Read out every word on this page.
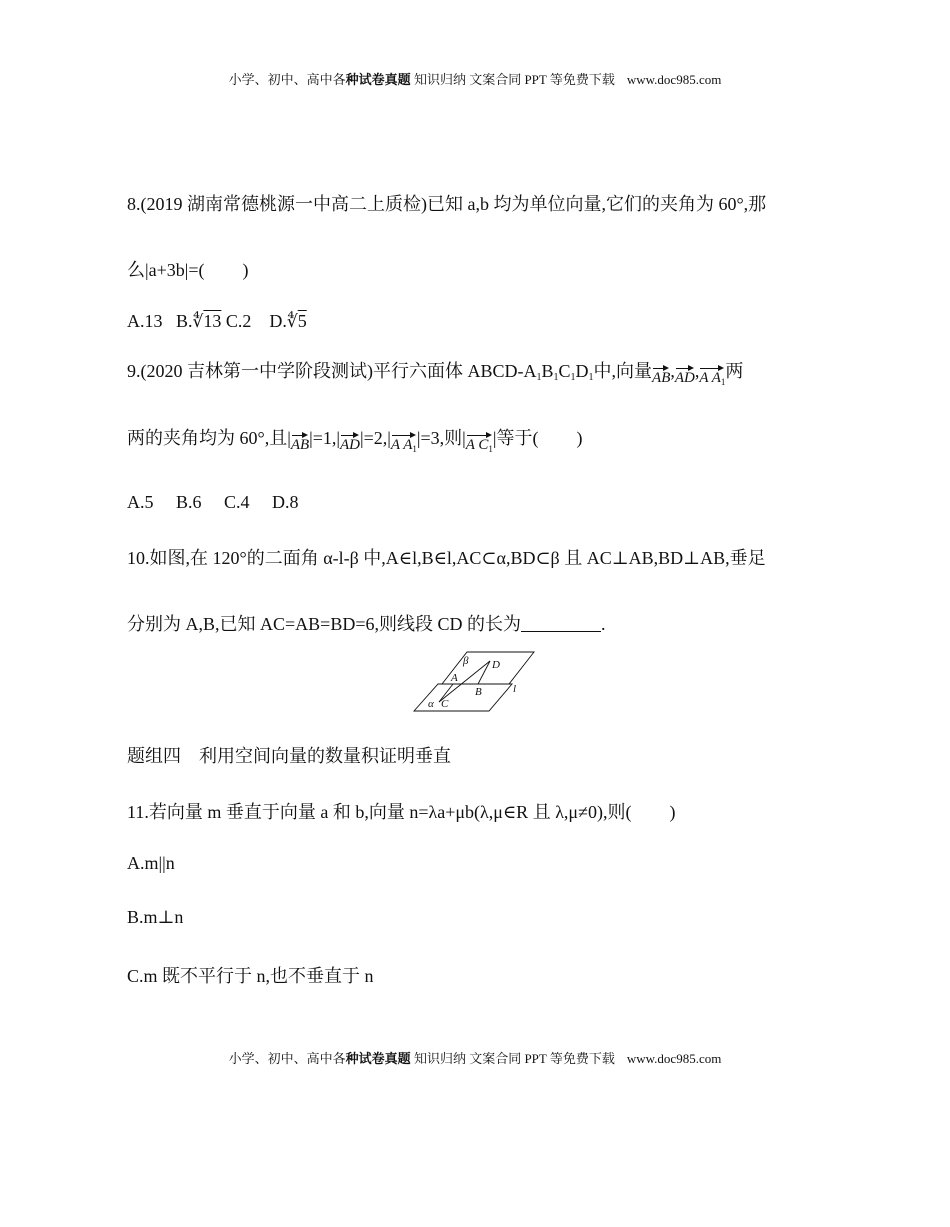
小学、初中、高中各种试卷真题 知识归纳 文案合同 PPT 等免费下载 www.doc985.com
8.(2019 湖南常德桃源一中高二上质检)已知 a,b 均为单位向量,它们的夹角为 60°,那
么|a+3b|=( )
A.13 B.∜13 C.2 D.∜5
9.(2020 吉林第一中学阶段测试)平行六面体 ABCD-$A_1B_1C_1D_1$中,向量AB,AD,A $A_1$两
两的夹角均为 60°,且|AB|=1,|AD|=2,|A $A_1|=3$,则|A $C_1|$等于( )
A.5　 B.6　 C.4　 D.8
10.如图,在 120°的二面角 α-l-β 中,A∈l,B∈l,AC⊂α,BD⊂β 且 AC⊥AB,BD⊥AB,垂足
分别为 A,B,已知 AC=AB=BD=6,则线段 CD 的长为	.
β D
A
B	l
α C
题组四　利用空间向量的数量积证明垂直
11.若向量 m 垂直于向量 a 和 b,向量 n=λa+μb(λ,μ∈R 且 λ,μ≠0),则( )
A.m||n
B.m⊥n
C.m 既不平行于 n,也不垂直于 n
小学、初中、高中各种试卷真题 知识归纳 文案合同 PPT 等免费下载 www.doc985.com
